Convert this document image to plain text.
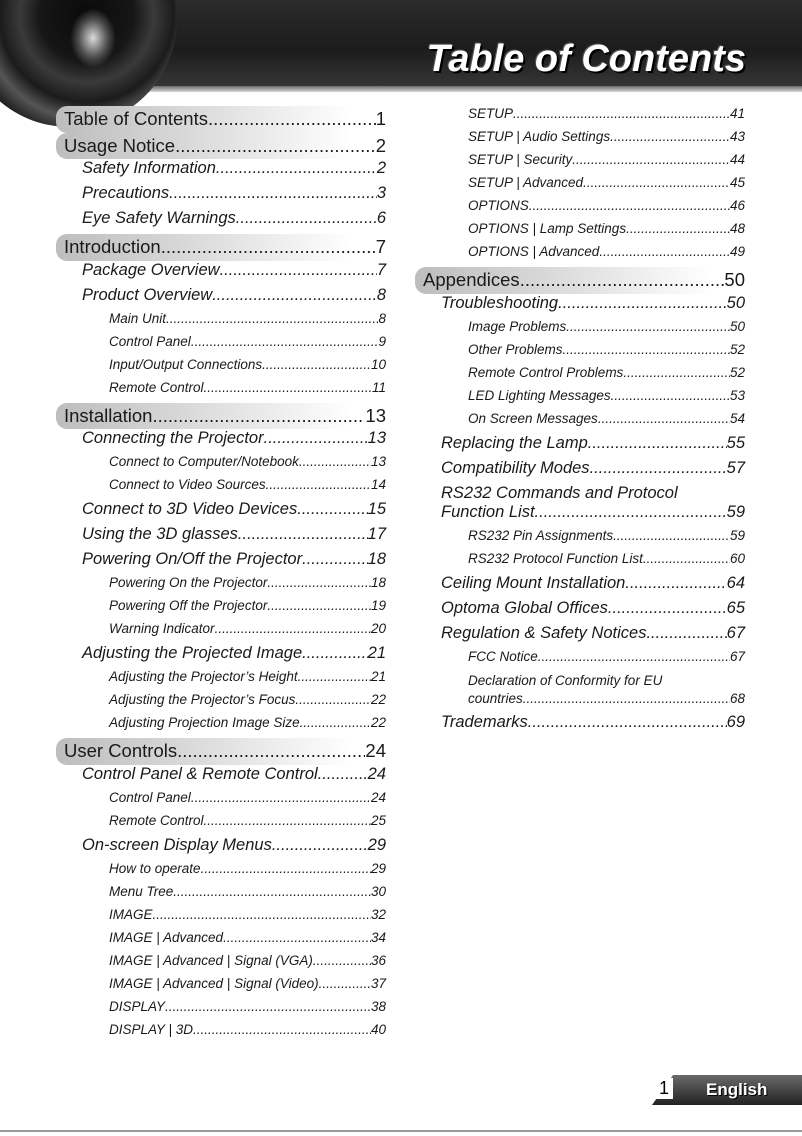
Table of Contents
Table of Contents .....	1
Usage Notice .....	2
Safety Information .....	2
Precautions .....	3
Eye Safety Warnings .....	6
Introduction .....	7
Package Overview .....	7
Product Overview .....	8
Main Unit .....	8
Control Panel .....	9
Input/Output Connections .....	10
Remote Control .....	11
Installation .....	13
Connecting the Projector .....	13
Connect to Computer/Notebook .....	13
Connect to Video Sources .....	14
Connect to 3D Video Devices .....	15
Using the 3D glasses .....	17
Powering On/Off the Projector .....	18
Powering On the Projector .....	18
Powering Off the Projector .....	19
Warning Indicator .....	20
Adjusting the Projected Image .....	21
Adjusting the Projector’s Height .....	21
Adjusting the Projector’s Focus .....	22
Adjusting Projection Image Size .....	22
User Controls .....	24
Control Panel & Remote Control .....	24
Control Panel .....	24
Remote Control .....	25
On-screen Display Menus .....	29
How to operate .....	29
Menu Tree .....	30
IMAGE .....	32
IMAGE | Advanced .....	34
IMAGE | Advanced | Signal (VGA) .....	36
IMAGE | Advanced | Signal (Video) .....	37
DISPLAY .....	38
DISPLAY | 3D .....	40
SETUP .....	41
SETUP | Audio Settings .....	43
SETUP | Security .....	44
SETUP | Advanced .....	45
OPTIONS .....	46
OPTIONS | Lamp Settings .....	48
OPTIONS | Advanced .....	49
Appendices .....	50
Troubleshooting .....	50
Image Problems .....	50
Other Problems .....	52
Remote Control Problems .....	52
LED Lighting Messages .....	53
On Screen Messages .....	54
Replacing the Lamp .....	55
Compatibility Modes .....	57
RS232 Commands and Protocol
Function List .....	59
RS232 Pin Assignments .....	59
RS232 Protocol Function List .....	60
Ceiling Mount Installation .....	64
Optoma Global Offices .....	65
Regulation & Safety Notices .....	67
FCC Notice .....	67
Declaration of Conformity for EU
countries .....	68
Trademarks .....	69
1 English
